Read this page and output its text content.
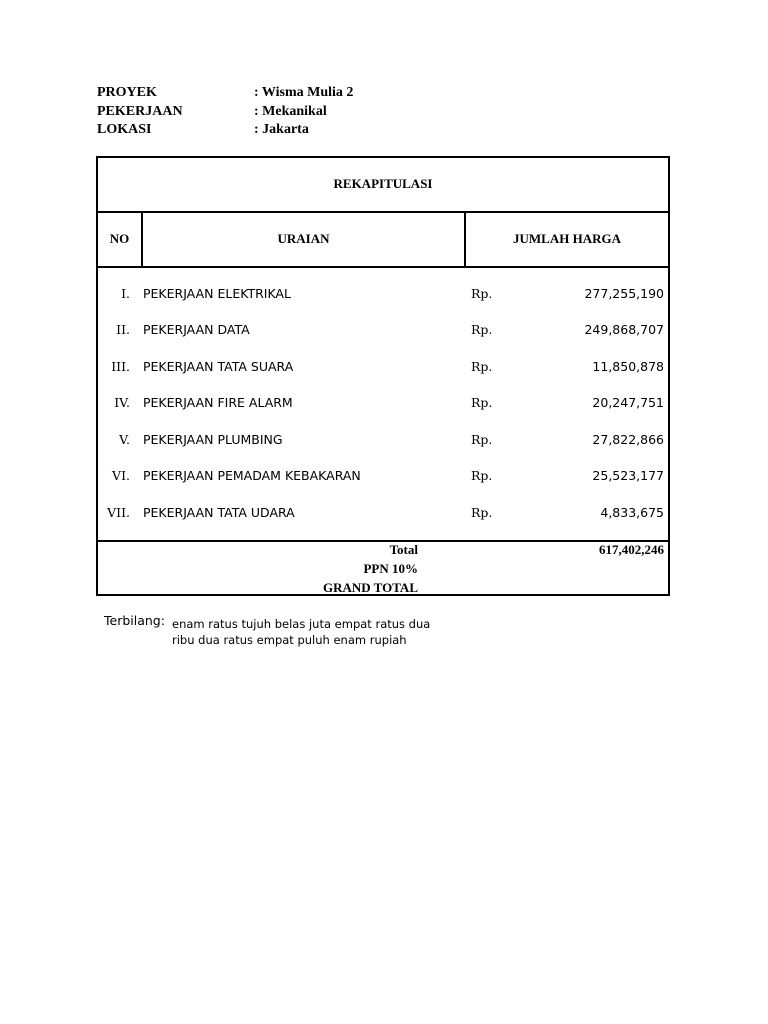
PROYEK	: Wisma Mulia 2
PEKERJAAN	: Mekanikal
LOKASI	: Jakarta
REKAPITULASI
NO	URAIAN	JUMLAH HARGA
I. PEKERJAAN ELEKTRIKAL	Rp.	277,255,190
II. PEKERJAAN DATA	Rp.	249,868,707
III. PEKERJAAN TATA SUARA	Rp.	11,850,878
IV. PEKERJAAN FIRE ALARM	Rp.	20,247,751
V. PEKERJAAN PLUMBING	Rp.	27,822,866
VI. PEKERJAAN PEMADAM KEBAKARAN	Rp.	25,523,177
VII. PEKERJAAN TATA UDARA	Rp.	4,833,675
Total	617,402,246
PPN 10%
GRAND TOTAL
Terbilang: enam ratus tujuh belas juta empat ratus dua ribu dua ratus empat puluh enam rupiah
